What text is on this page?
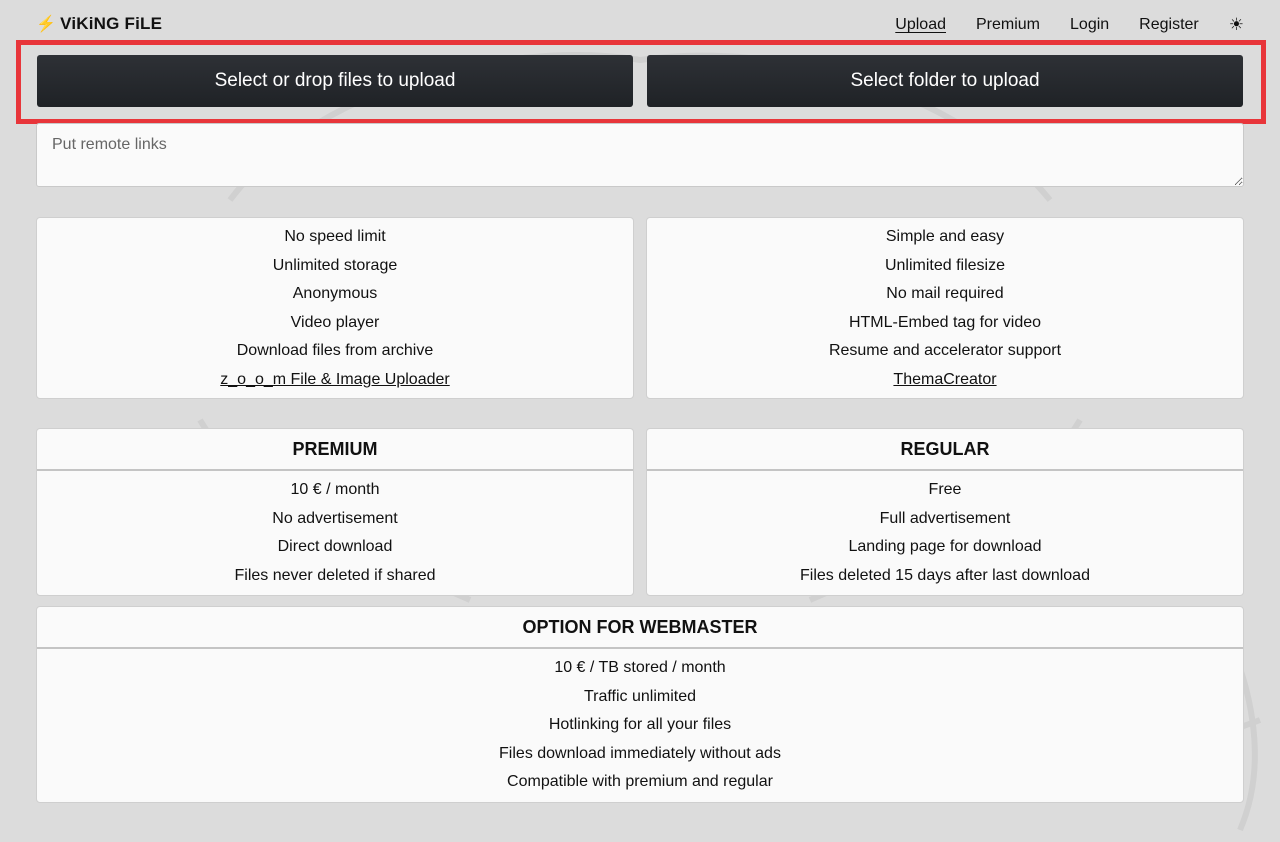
⚡ ViKiNG FiLE	Upload Premium Login Register ☀
Select or drop files to upload	Select folder to upload
Put remote links
No speed limit
Unlimited storage
Anonymous
Video player
Download files from archive
z_o_o_m File & Image Uploader
Simple and easy
Unlimited filesize
No mail required
HTML-Embed tag for video
Resume and accelerator support
ThemaCreator
PREMIUM
10 € / month
No advertisement
Direct download
Files never deleted if shared
REGULAR
Free
Full advertisement
Landing page for download
Files deleted 15 days after last download
OPTION FOR WEBMASTER
10 € / TB stored / month
Traffic unlimited
Hotlinking for all your files
Files download immediately without ads
Compatible with premium and regular
